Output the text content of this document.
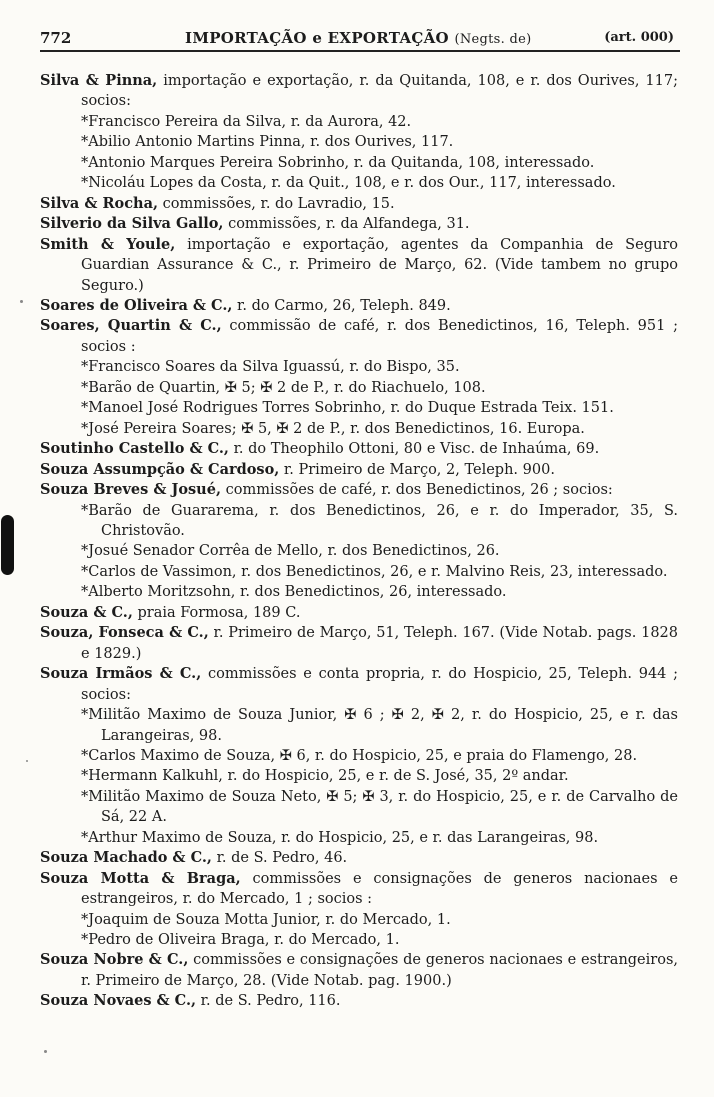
772	IMPORTAÇÃO e EXPORTAÇÃO (Negts. de)	(art. 000)

Silva & Pinna, importação e exportação, r. da Quitanda, 108, e r. dos Ourives, 117; socios:

*Francisco Pereira da Silva, r. da Aurora, 42.

*Abilio Antonio Martins Pinna, r. dos Ourives, 117.

*Antonio Marques Pereira Sobrinho, r. da Quitanda, 108, interessado.

*Nicoláu Lopes da Costa, r. da Quit., 108, e r. dos Our., 117, interessado.

Silva & Rocha, commissões, r. do Lavradio, 15.

Silverio da Silva Gallo, commissões, r. da Alfandega, 31.

Smith & Youle, importação e exportação, agentes da Companhia de Seguro Guardian Assurance & C., r. Primeiro de Março, 62. (Vide tambem no grupo Seguro.)

Soares de Oliveira & C., r. do Carmo, 26, Teleph. 849.

Soares, Quartin & C., commissão de café, r. dos Benedictinos, 16, Teleph. 951 ; socios :

*Francisco Soares da Silva Iguassú, r. do Bispo, 35.

*Barão de Quartin, ✠ 5; ✠ 2 de P., r. do Riachuelo, 108.

*Manoel José Rodrigues Torres Sobrinho, r. do Duque Estrada Teix. 151.

*José Pereira Soares; ✠ 5, ✠ 2 de P., r. dos Benedictinos, 16. Europa.

Soutinho Castello & C., r. do Theophilo Ottoni, 80 e Visc. de Inhaúma, 69.

Souza Assumpção & Cardoso, r. Primeiro de Março, 2, Teleph. 900.

Souza Breves & Josué, commissões de café, r. dos Benedictinos, 26 ; socios:

*Barão de Guararema, r. dos Benedictinos, 26, e r. do Imperador, 35, S. Christovão.

*Josué Senador Corrêa de Mello, r. dos Benedictinos, 26.

*Carlos de Vassimon, r. dos Benedictinos, 26, e r. Malvino Reis, 23, interessado.

*Alberto Moritzsohn, r. dos Benedictinos, 26, interessado.

Souza & C., praia Formosa, 189 C.

Souza, Fonseca & C., r. Primeiro de Março, 51, Teleph. 167. (Vide Notab. pags. 1828 e 1829.)

Souza Irmãos & C., commissões e conta propria, r. do Hospicio, 25, Teleph. 944 ; socios:

*Militão Maximo de Souza Junior, ✠ 6 ; ✠ 2, ✠ 2, r. do Hospicio, 25, e r. das Larangeiras, 98.

*Carlos Maximo de Souza, ✠ 6, r. do Hospicio, 25, e praia do Flamengo, 28.

*Hermann Kalkuhl, r. do Hospicio, 25, e r. de S. José, 35, 2º andar.

*Militão Maximo de Souza Neto, ✠ 5; ✠ 3, r. do Hospicio, 25, e r. de Carvalho de Sá, 22 A.

*Arthur Maximo de Souza, r. do Hospicio, 25, e r. das Larangeiras, 98.

Souza Machado & C., r. de S. Pedro, 46.

Souza Motta & Braga, commissões e consignações de generos nacionaes e estrangeiros, r. do Mercado, 1 ; socios :

*Joaquim de Souza Motta Junior, r. do Mercado, 1.

*Pedro de Oliveira Braga, r. do Mercado, 1.

Souza Nobre & C., commissões e consignações de generos nacionaes e estrangeiros, r. Primeiro de Março, 28. (Vide Notab. pag. 1900.)

Souza Novaes & C., r. de S. Pedro, 116.
